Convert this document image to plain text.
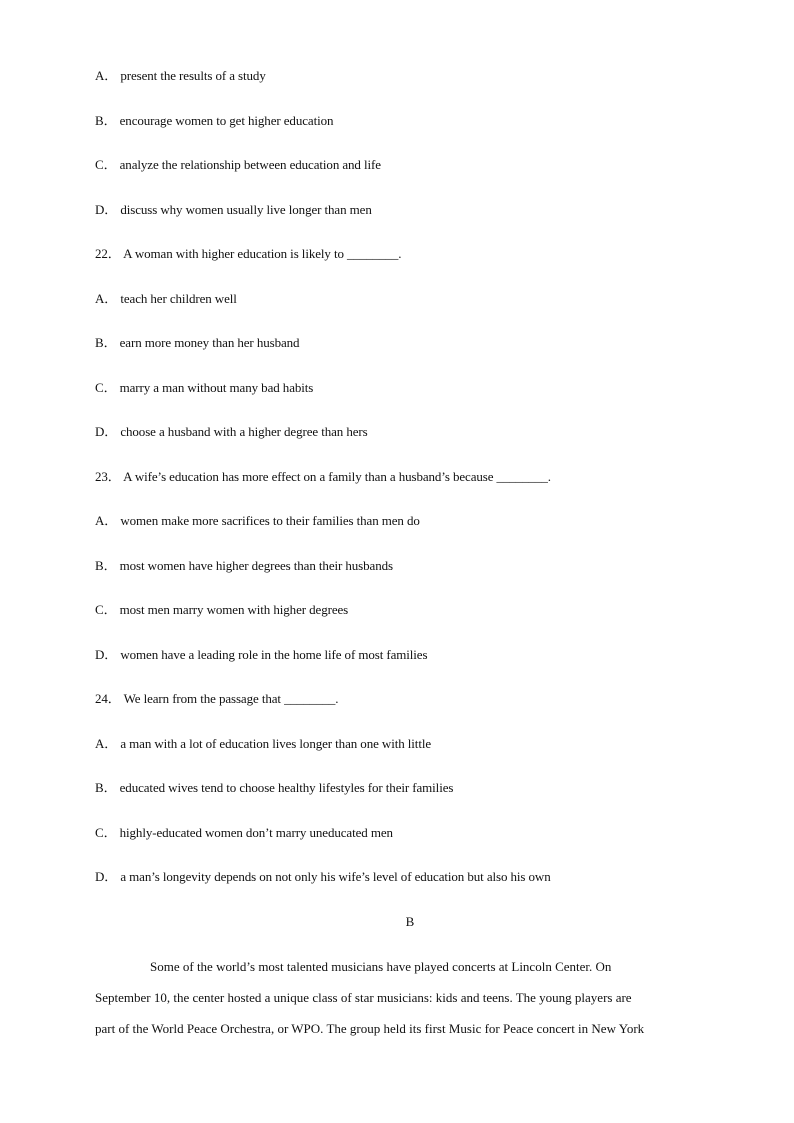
A． present the results of a study
B． encourage women to get higher education
C． analyze the relationship between education and life
D． discuss why women usually live longer than men
22． A woman with higher education is likely to ________.
A． teach her children well
B． earn more money than her husband
C． marry a man without many bad habits
D． choose a husband with a higher degree than hers
23． A wife’s education has more effect on a family than a husband’s because ________.
A． women make more sacrifices to their families than men do
B． most women have higher degrees than their husbands
C． most men marry women with higher degrees
D． women have a leading role in the home life of most families
24． We learn from the passage that ________.
A． a man with a lot of education lives longer than one with little
B． educated wives tend to choose healthy lifestyles for their families
C． highly-educated women don’t marry uneducated men
D． a man’s longevity depends on not only his wife’s level of education but also his own
B
Some of the world’s most talented musicians have played concerts at Lincoln Center. On
September 10, the center hosted a unique class of star musicians: kids and teens. The young players are
part of the World Peace Orchestra, or WPO. The group held its first Music for Peace concert in New York
